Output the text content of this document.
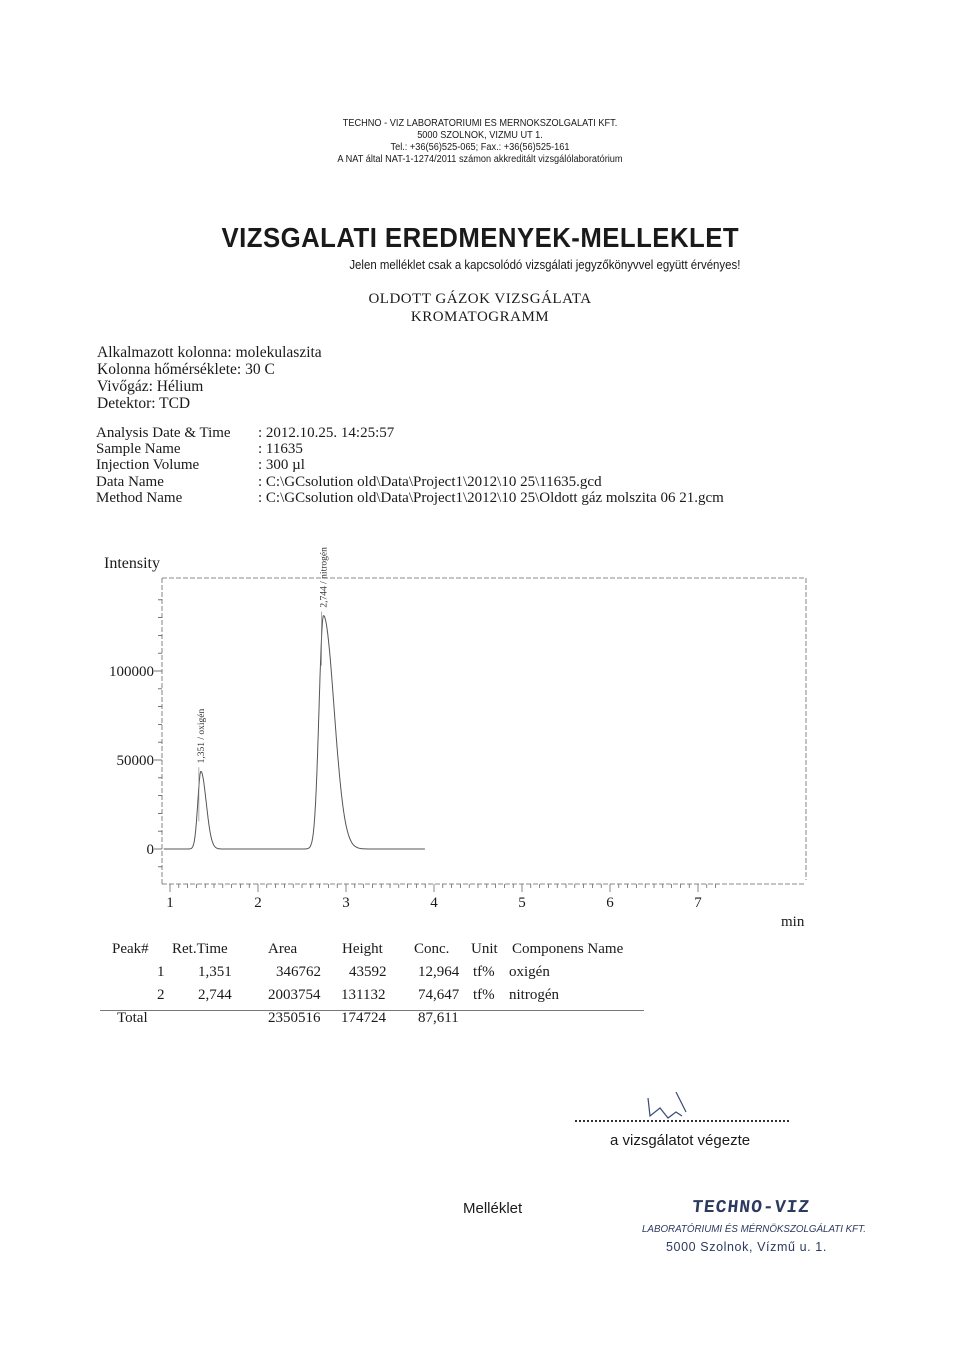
TECHNO - VIZ LABORATORIUMI ES MERNOKSZOLGALATI KFT.
5000 SZOLNOK, VIZMU UT 1.
Tel.: +36(56)525-065; Fax.: +36(56)525-161
A NAT által NAT-1-1274/2011 számon akkreditált vizsgálólaboratórium
VIZSGALATI EREDMENYEK-MELLEKLET
Jelen melléklet csak a kapcsolódó vizsgálati jegyzőkönyvvel együtt érvényes!
OLDOTT GÁZOK VIZSGÁLATA
KROMATOGRAMM
Alkalmazott kolonna: molekulaszita
Kolonna hőmérséklete: 30 C
Vivőgáz: Hélium
Detektor: TCD
Analysis Date & Time	: 2012.10.25. 14:25:57
Sample Name	: 11635
Injection Volume	: 300 µl
Data Name	: C:\GCsolution old\Data\Project1\2012\10 25\11635.gcd
Method Name	: C:\GCsolution old\Data\Project1\2012\10 25\Oldott gáz molszita 06 21.gcm
Intensity
min
0
50000
100000
1	2	3	4	5	6	7
1,351 / oxigén
2,744 / nitrogén
Peak# Ret.Time	Area	Height Conc. Unit Componens Name
1 1,351	346762 43592 12,964 tf% oxigén
2 2,744 2003754 131132 74,647 tf% nitrogén
Total	2350516 174724 87,611
a vizsgálatot végezte
Melléklet	TECHNO-VIZ
LABORATÓRIUMI ÉS MÉRNÖKSZOLGÁLATI KFT.
5000 Szolnok, Vízmű u. 1.
